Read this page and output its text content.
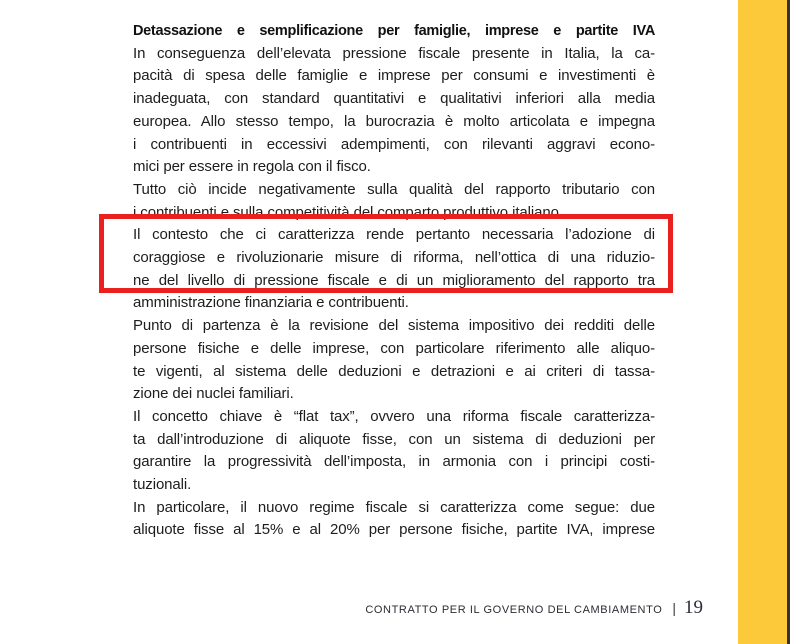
Detassazione e semplificazione per famiglie, imprese e partite IVA
In conseguenza dell’elevata pressione fiscale presente in Italia, la ca-
pacità di spesa delle famiglie e imprese per consumi e investimenti è
inadeguata, con standard quantitativi e qualitativi inferiori alla media
europea. Allo stesso tempo, la burocrazia è molto articolata e impegna
i contribuenti in eccessivi adempimenti, con rilevanti aggravi econo-
mici per essere in regola con il fisco.
Tutto ciò incide negativamente sulla qualità del rapporto tributario con
i contribuenti e sulla competitività del comparto produttivo italiano.
Il contesto che ci caratterizza rende pertanto necessaria l’adozione di
coraggiose e rivoluzionarie misure di riforma, nell’ottica di una riduzio-
ne del livello di pressione fiscale e di un miglioramento del rapporto tra
amministrazione finanziaria e contribuenti.
Punto di partenza è la revisione del sistema impositivo dei redditi delle
persone fisiche e delle imprese, con particolare riferimento alle aliquo-
te vigenti, al sistema delle deduzioni e detrazioni e ai criteri di tassa-
zione dei nuclei familiari.
Il concetto chiave è “flat tax”, ovvero una riforma fiscale caratterizza-
ta dall’introduzione di aliquote fisse, con un sistema di deduzioni per
garantire la progressività dell’imposta, in armonia con i principi costi-
tuzionali.
In particolare, il nuovo regime fiscale si caratterizza come segue: due
aliquote fisse al 15% e al 20% per persone fisiche, partite IVA, imprese
CONTRATTO PER IL GOVERNO DEL CAMBIAMENTO | 19
